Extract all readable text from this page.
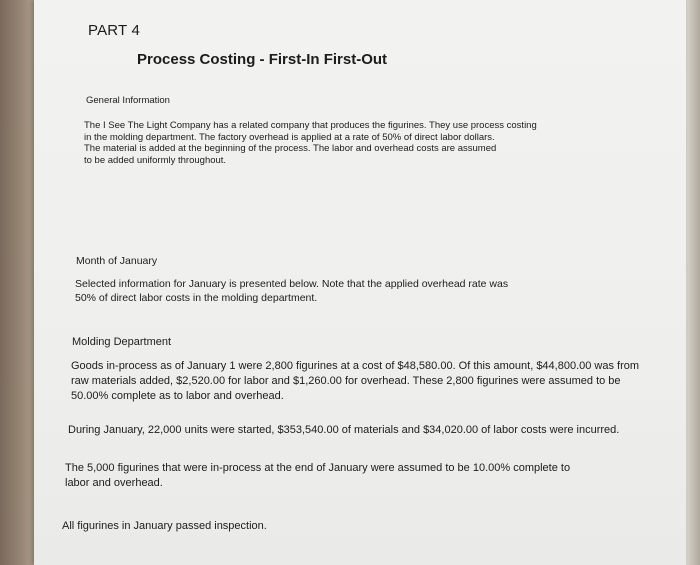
PART 4

Process Costing - First-In First-Out

General Information

The I See The Light Company has a related company that produces the figurines. They use process costing
in the molding department. The factory overhead is applied at a rate of 50% of direct labor dollars.
The material is added at the beginning of the process. The labor and overhead costs are assumed
to be added uniformly throughout.

Month of January

Selected information for January is presented below. Note that the applied overhead rate was
50% of direct labor costs in the molding department.

Molding Department

Goods in-process as of January 1 were 2,800 figurines at a cost of $48,580.00. Of this amount, $44,800.00 was from
raw materials added, $2,520.00 for labor and $1,260.00 for overhead. These 2,800 figurines were assumed to be
50.00% complete as to labor and overhead.

During January, 22,000 units were started, $353,540.00 of materials and $34,020.00 of labor costs were incurred.

The 5,000 figurines that were in-process at the end of January were assumed to be 10.00% complete to
labor and overhead.

All figurines in January passed inspection.
